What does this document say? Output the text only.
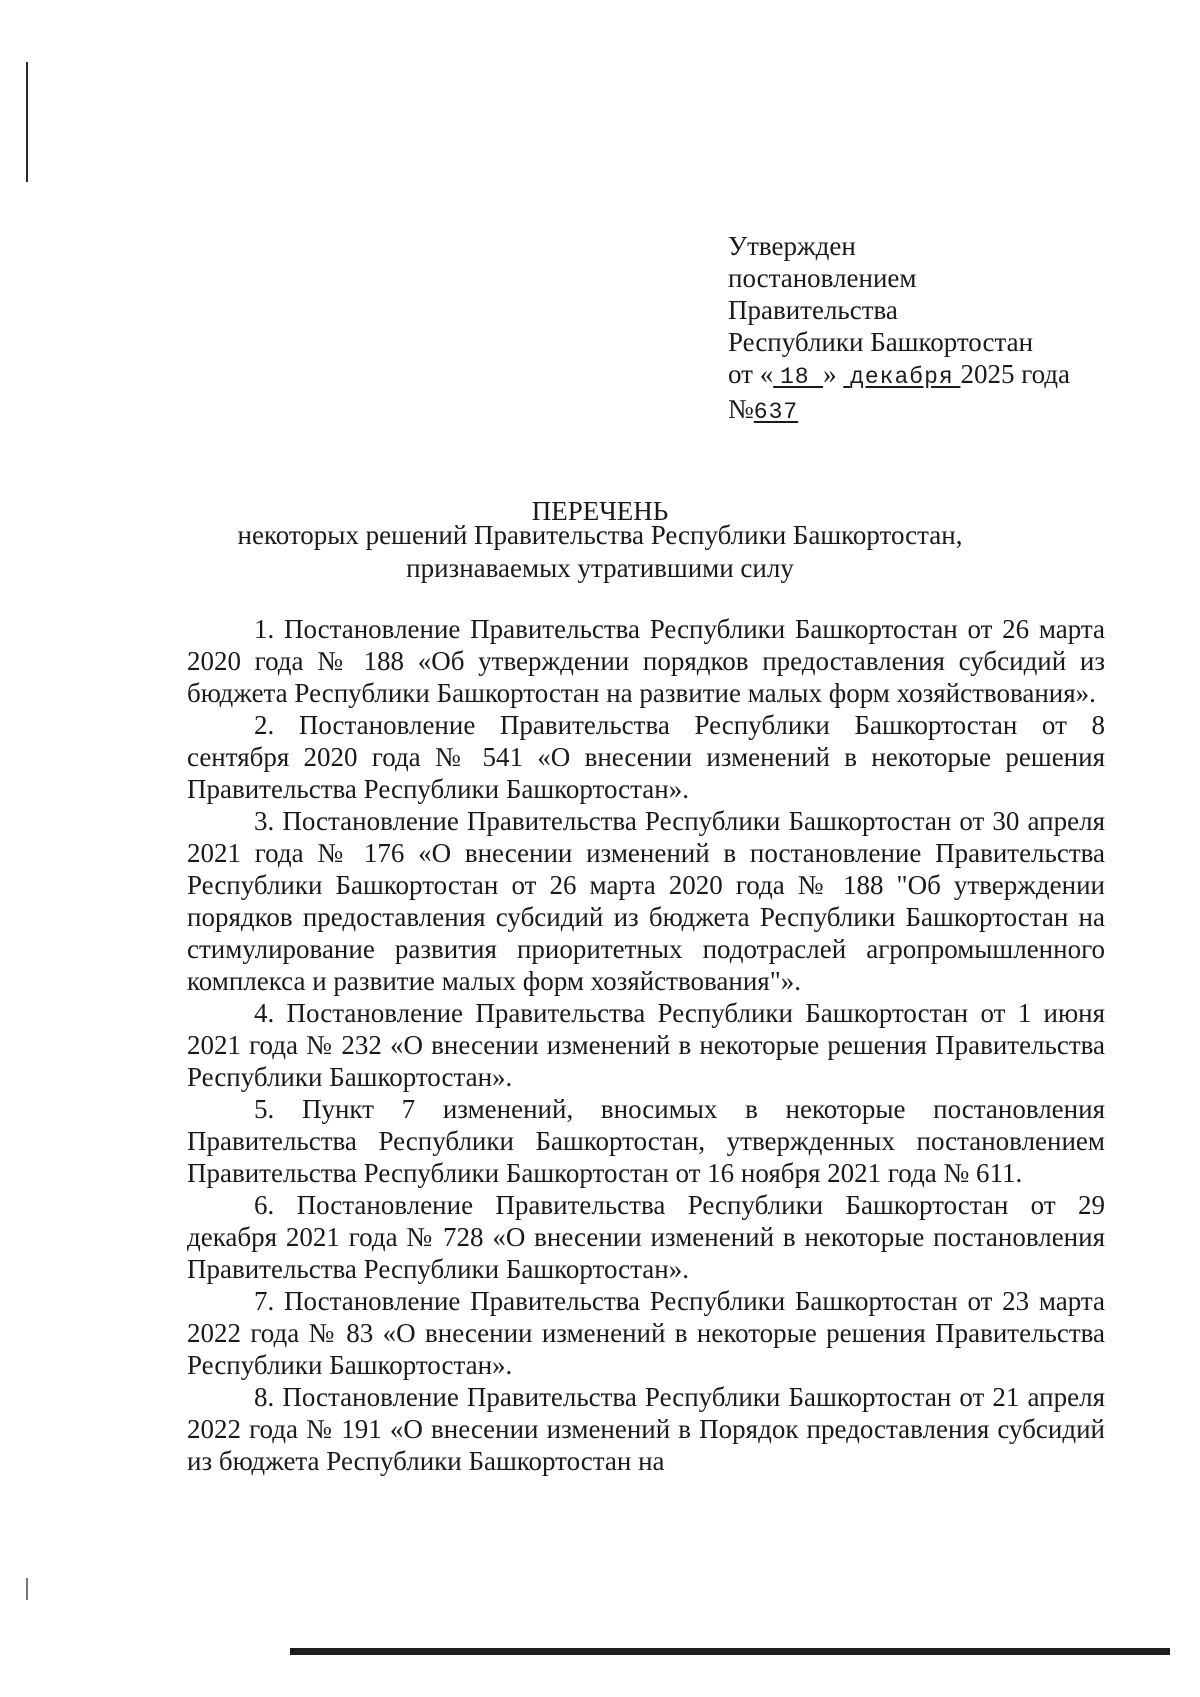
Утвержден
постановлением
Правительства
Республики Башкортостан
от « 18 » декабря 2025 года
№637
ПЕРЕЧЕНЬ
некоторых решений Правительства Республики Башкортостан,
признаваемых утратившими силу

1. Постановление Правительства Республики Башкортостан от 26 марта 2020 года № 188 «Об утверждении порядков предоставления субсидий из бюджета Республики Башкортостан на развитие малых форм хозяйствования».

2. Постановление Правительства Республики Башкортостан от 8 сентября 2020 года № 541 «О внесении изменений в некоторые решения Правительства Республики Башкортостан».

3. Постановление Правительства Республики Башкортостан от 30 апреля 2021 года № 176 «О внесении изменений в постановление Правительства Республики Башкортостан от 26 марта 2020 года № 188 "Об утверждении порядков предоставления субсидий из бюджета Республики Башкортостан на стимулирование развития приоритетных подотраслей агропромышленного комплекса и развитие малых форм хозяйствования"».

4. Постановление Правительства Республики Башкортостан от 1 июня 2021 года № 232 «О внесении изменений в некоторые решения Правительства Республики Башкортостан».

5. Пункт 7 изменений, вносимых в некоторые постановления Правительства Республики Башкортостан, утвержденных постановлением Правительства Республики Башкортостан от 16 ноября 2021 года № 611.

6. Постановление Правительства Республики Башкортостан от 29 декабря 2021 года № 728 «О внесении изменений в некоторые постановления Правительства Республики Башкортостан».

7. Постановление Правительства Республики Башкортостан от 23 марта 2022 года № 83 «О внесении изменений в некоторые решения Правительства Республики Башкортостан».

8. Постановление Правительства Республики Башкортостан от 21 апреля 2022 года № 191 «О внесении изменений в Порядок предоставления субсидий из бюджета Республики Башкортостан на
